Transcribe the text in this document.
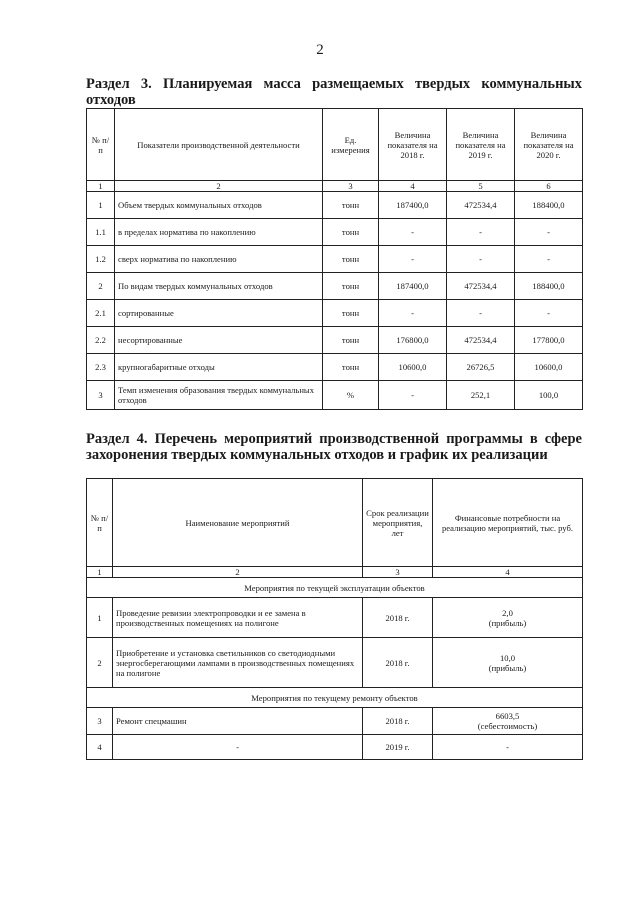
2
Раздел 3. Планируемая масса размещаемых твердых коммунальных отходов
№ п/п	Показатели производственной деятельности	Ед. измерения	Величина показателя на 2018 г.	Величина показателя на 2019 г.	Величина показателя на 2020 г.
1	2	3	4	5	6
1	Объем твердых коммунальных отходов	тонн	187400,0	472534,4	188400,0
1.1	в пределах норматива по накоплению	тонн	-	-	-
1.2	сверх норматива по накоплению	тонн	-	-	-
2	По видам твердых коммунальных отходов	тонн	187400,0	472534,4	188400,0
2.1	сортированные	тонн	-	-	-
2.2	несортированные	тонн	176800,0	472534,4	177800,0
2.3	крупногабаритные отходы	тонн	10600,0	26726,5	10600,0
3	Темп изменения образования твердых коммунальных отходов	%	-	252,1	100,0
Раздел 4. Перечень мероприятий производственной программы в сфере захоронения твердых коммунальных отходов и график их реализации
№ п/п	Наименование мероприятий	Срок реализации мероприятия, лет	Финансовые потребности на реализацию мероприятий, тыс. руб.
1	2	3	4
Мероприятия по текущей эксплуатации объектов			
1	Проведение ревизии электропроводки и ее замена в производственных помещениях на полигоне	2018 г.	2,0
(прибыль)

2	Приобретение и установка светильников со светодиодными энергосберегающими лампами в производственных помещениях на полигоне	2018 г.	10,0
(прибыль)

Мероприятия по текущему ремонту объектов			
3	Ремонт спецмашин	2018 г.	6603,5
(себестоимость)

4	-	2019 г.	-
